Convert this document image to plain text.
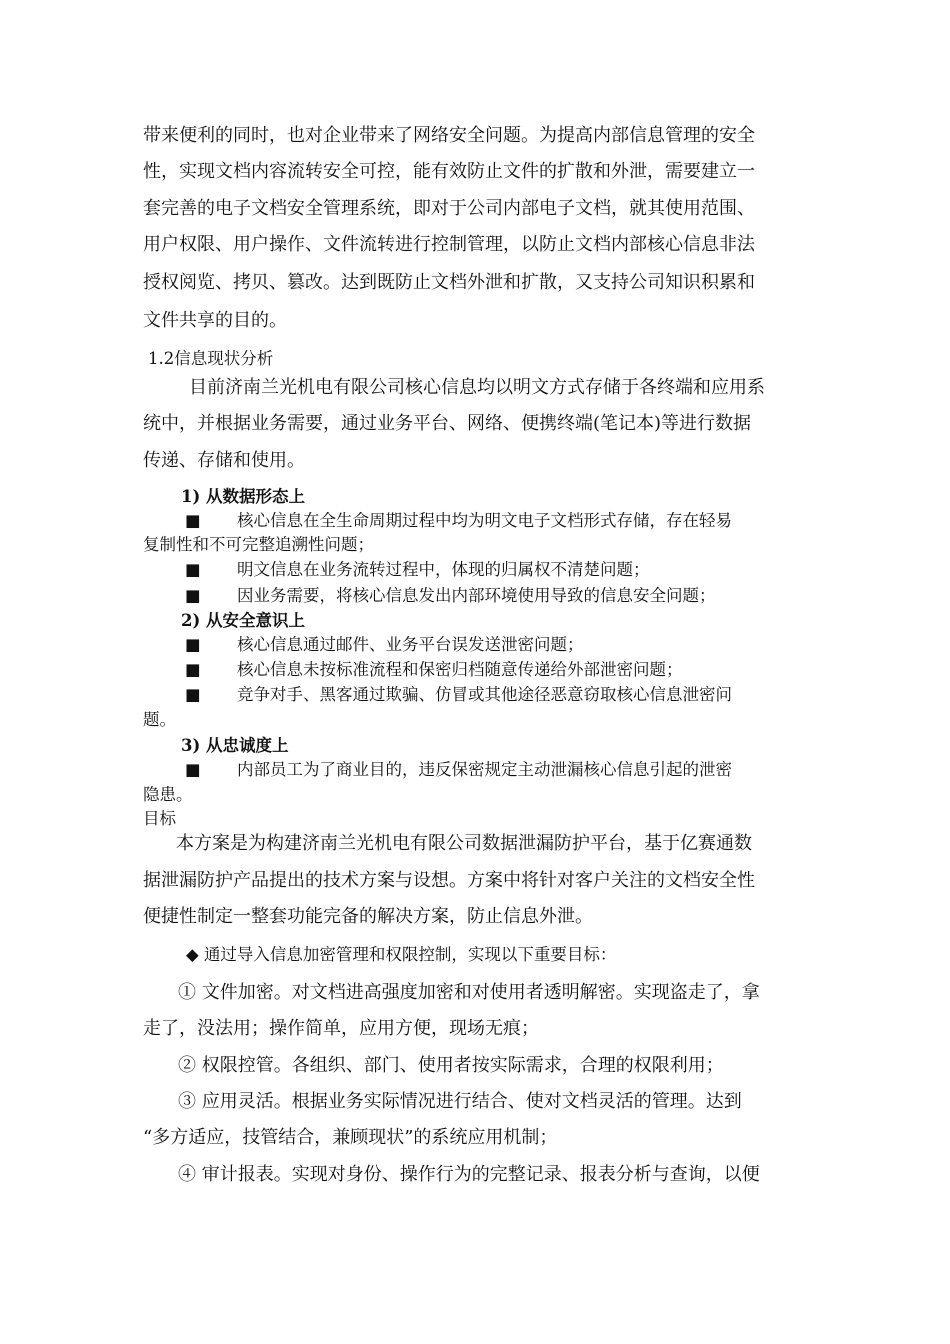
带来便利的同时，也对企业带来了网络安全问题。为提高内部信息管理的安全
性，实现文档内容流转安全可控，能有效防止文件的扩散和外泄，需要建立一
套完善的电子文档安全管理系统，即对于公司内部电子文档，就其使用范围、
用户权限、用户操作、文件流转进行控制管理，以防止文档内部核心信息非法
授权阅览、拷贝、篡改。达到既防止文档外泄和扩散，又支持公司知识积累和
文件共享的目的。
1.2信息现状分析
目前济南兰光机电有限公司核心信息均以明文方式存储于各终端和应用系
统中，并根据业务需要，通过业务平台、网络、便携终端(笔记本)等进行数据
传递、存储和使用。
1) 从数据形态上
■ 核心信息在全生命周期过程中均为明文电子文档形式存储，存在轻易
复制性和不可完整追溯性问题；
■ 明文信息在业务流转过程中，体现的归属权不清楚问题；
■ 因业务需要，将核心信息发出内部环境使用导致的信息安全问题；
2) 从安全意识上
■ 核心信息通过邮件、业务平台误发送泄密问题；
■ 核心信息未按标准流程和保密归档随意传递给外部泄密问题；
■ 竞争对手、黑客通过欺骗、仿冒或其他途径恶意窃取核心信息泄密问
题。
3) 从忠诚度上
■ 内部员工为了商业目的，违反保密规定主动泄漏核心信息引起的泄密
隐患。
目标
本方案是为构建济南兰光机电有限公司数据泄漏防护平台，基于亿赛通数
据泄漏防护产品提出的技术方案与设想。方案中将针对客户关注的文档安全性
便捷性制定一整套功能完备的解决方案，防止信息外泄。
◆ 通过导入信息加密管理和权限控制，实现以下重要目标：
① 文件加密。对文档进高强度加密和对使用者透明解密。实现盗走了，拿
走了，没法用；操作简单，应用方便，现场无痕；
② 权限控管。各组织、部门、使用者按实际需求，合理的权限利用；
③ 应用灵活。根据业务实际情况进行结合、使对文档灵活的管理。达到
“多方适应，技管结合，兼顾现状”的系统应用机制；
④ 审计报表。实现对身份、操作行为的完整记录、报表分析与查询，以便
